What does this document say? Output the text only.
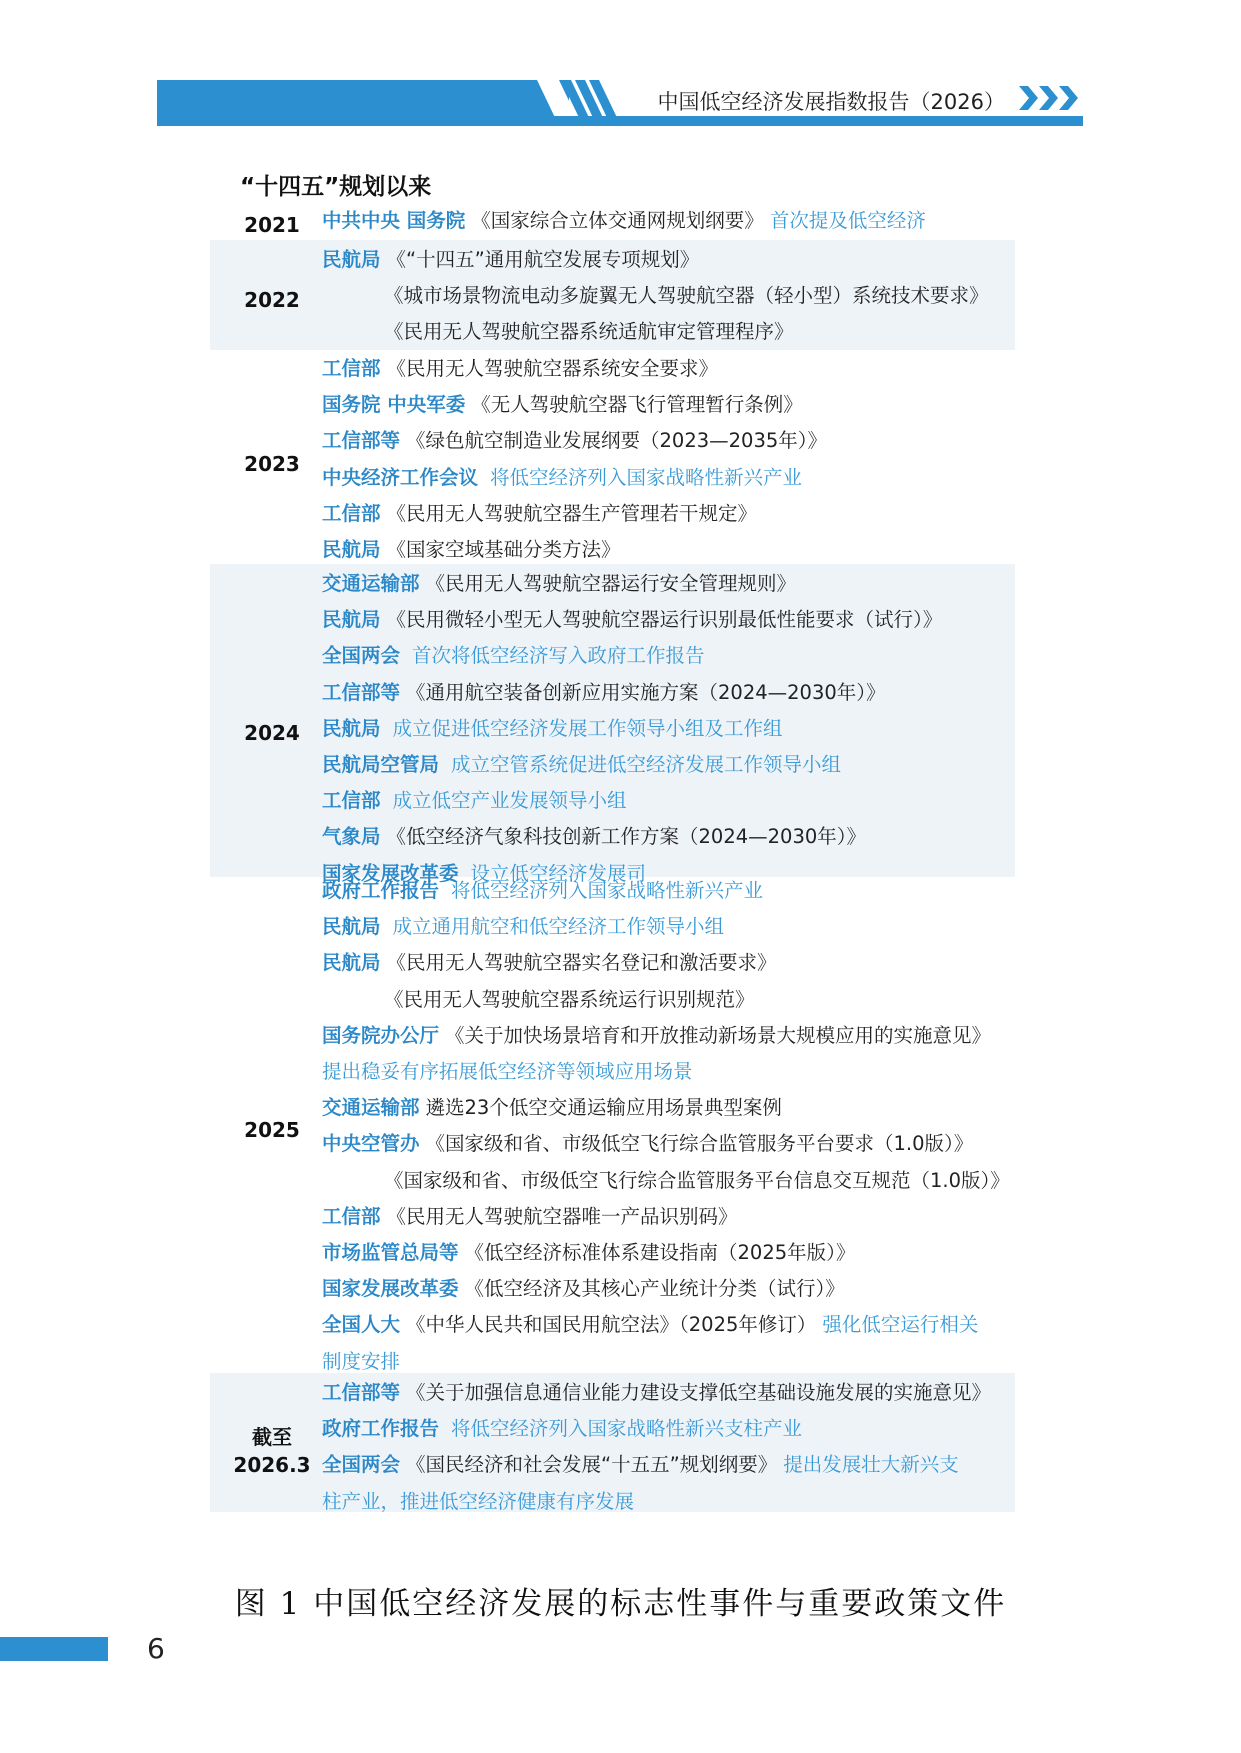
中国低空经济发展指数报告（2026）
“十四五”规划以来
2021	中共中央 国务院 《国家综合立体交通网规划纲要》 首次提及低空经济
2022
民航局 《“十四五”通用航空发展专项规划》
《城市场景物流电动多旋翼无人驾驶航空器（轻小型）系统技术要求》
《民用无人驾驶航空器系统适航审定管理程序》
2023
工信部 《民用无人驾驶航空器系统安全要求》
国务院 中央军委 《无人驾驶航空器飞行管理暂行条例》
工信部等 《绿色航空制造业发展纲要（2023—2035年）》
中央经济工作会议 将低空经济列入国家战略性新兴产业
工信部 《民用无人驾驶航空器生产管理若干规定》
民航局 《国家空域基础分类方法》
2024
交通运输部 《民用无人驾驶航空器运行安全管理规则》
民航局 《民用微轻小型无人驾驶航空器运行识别最低性能要求（试行）》
全国两会 首次将低空经济写入政府工作报告
工信部等 《通用航空装备创新应用实施方案（2024—2030年）》
民航局 成立促进低空经济发展工作领导小组及工作组
民航局空管局 成立空管系统促进低空经济发展工作领导小组
工信部 成立低空产业发展领导小组
气象局 《低空经济气象科技创新工作方案（2024—2030年）》
国家发展改革委 设立低空经济发展司
2025
政府工作报告 将低空经济列入国家战略性新兴产业
民航局 成立通用航空和低空经济工作领导小组
民航局 《民用无人驾驶航空器实名登记和激活要求》
《民用无人驾驶航空器系统运行识别规范》
国务院办公厅 《关于加快场景培育和开放推动新场景大规模应用的实施意见》
提出稳妥有序拓展低空经济等领域应用场景
交通运输部 遴选23个低空交通运输应用场景典型案例
中央空管办 《国家级和省、市级低空飞行综合监管服务平台要求（1.0版）》
《国家级和省、市级低空飞行综合监管服务平台信息交互规范（1.0版）》
工信部 《民用无人驾驶航空器唯一产品识别码》
市场监管总局等 《低空经济标准体系建设指南（2025年版）》
国家发展改革委 《低空经济及其核心产业统计分类（试行）》
全国人大 《中华人民共和国民用航空法》（2025年修订） 强化低空运行相关
制度安排
截至
2026.3
工信部等 《关于加强信息通信业能力建设支撑低空基础设施发展的实施意见》
政府工作报告 将低空经济列入国家战略性新兴支柱产业
全国两会 《国民经济和社会发展“十五五”规划纲要》 提出发展壮大新兴支
柱产业，推进低空经济健康有序发展
图 1 中国低空经济发展的标志性事件与重要政策文件
6
